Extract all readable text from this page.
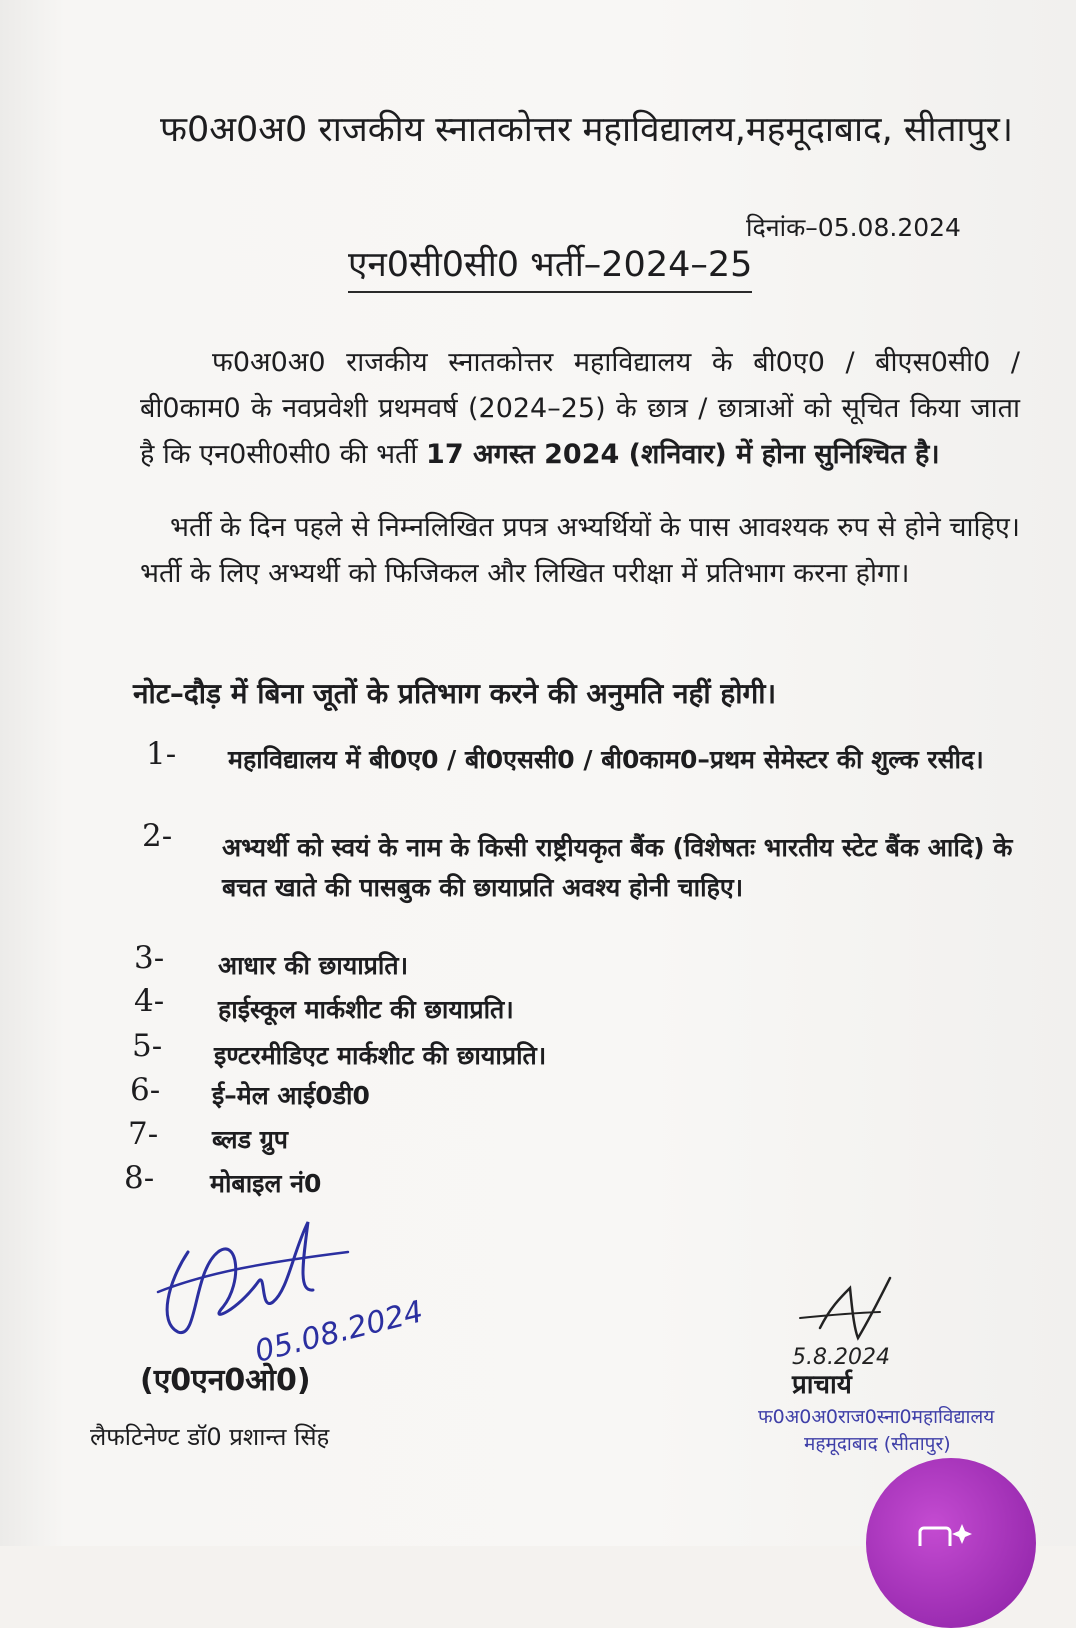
फ0अ0अ0 राजकीय स्नातकोत्तर महाविद्यालय,महमूदाबाद, सीतापुर।
दिनांक–05.08.2024
एन0सी0सी0 भर्ती–2024–25
फ0अ0अ0 राजकीय स्नातकोत्तर महाविद्यालय के बी0ए0 / बीएस0सी0 / बी0काम0 के नवप्रवेशी प्रथमवर्ष (2024–25) के छात्र / छात्राओं को सूचित किया जाता है कि एन0सी0सी0 की भर्ती 17 अगस्त 2024 (शनिवार) में होना सुनिश्चित है।
भर्ती के दिन पहले से निम्नलिखित प्रपत्र अभ्यर्थियों के पास आवश्यक रुप से होने चाहिए। भर्ती के लिए अभ्यर्थी को फिजिकल और लिखित परीक्षा में प्रतिभाग करना होगा।
नोट–दौड़ में बिना जूतों के प्रतिभाग करने की अनुमति नहीं होगी।
1- महाविद्यालय में बी0ए0 / बी0एससी0 / बी0काम0–प्रथम सेमेस्टर की शुल्क रसीद।
2- अभ्यर्थी को स्वयं के नाम के किसी राष्ट्रीयकृत बैंक (विशेषतः भारतीय स्टेट बैंक आदि) के बचत खाते की पासबुक की छायाप्रति अवश्य होनी चाहिए।
3- आधार की छायाप्रति।
4- हाईस्कूल मार्कशीट की छायाप्रति।
5- इण्टरमीडिएट मार्कशीट की छायाप्रति।
6- ई–मेल आई0डी0
7- ब्लड ग्रुप
8- मोबाइल नं0
05.08.2024
(ए0एन0ओ0)
लैफटिनेण्ट डॉ0 प्रशान्त सिंह
5.8.2024
प्राचार्य
फ0अ0अ0राज0स्ना0महाविद्यालय
महमूदाबाद (सीतापुर)
